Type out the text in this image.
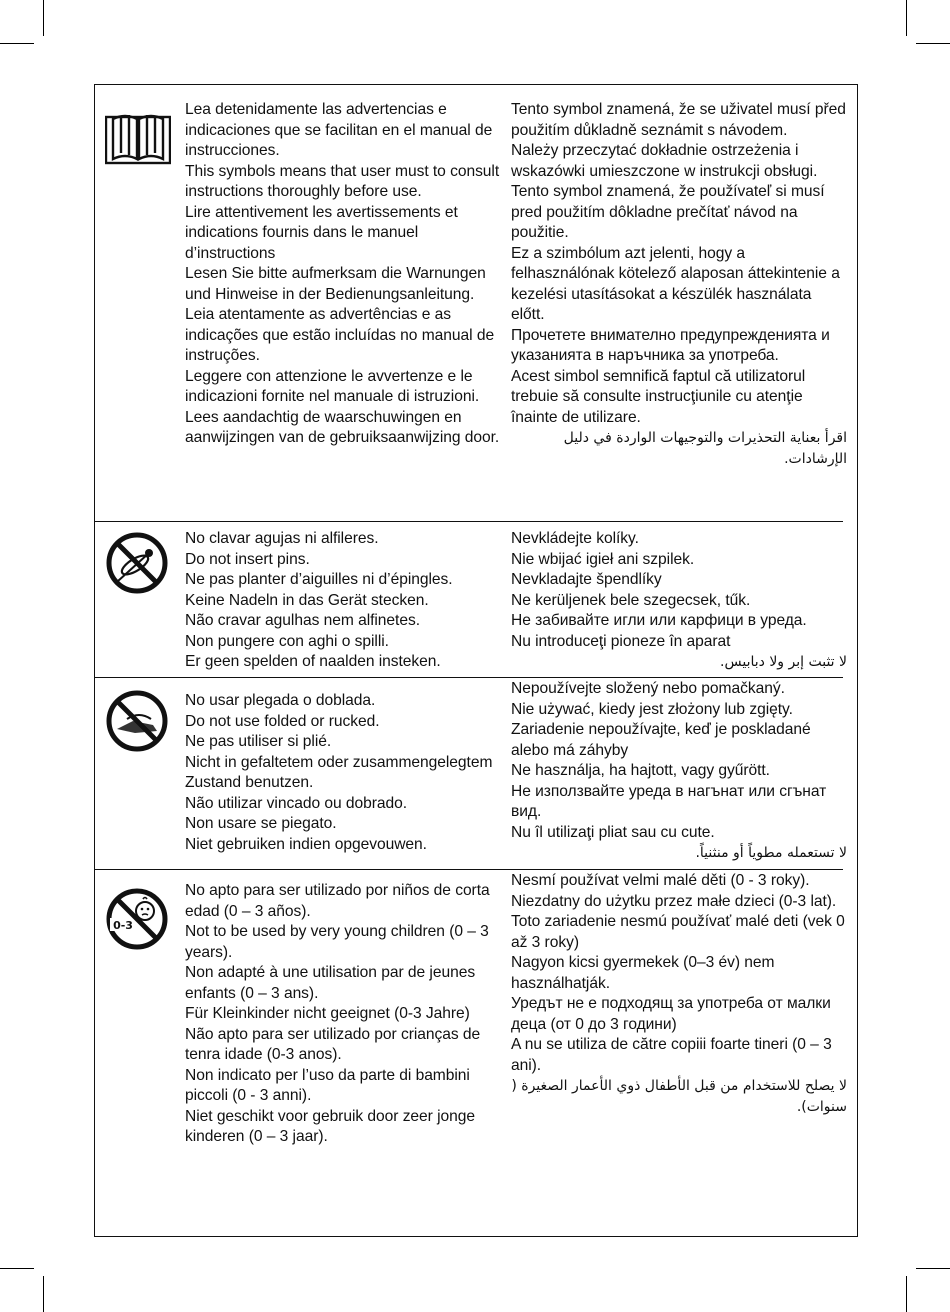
Lea detenidamente las advertencias e indicaciones que se facilitan en el manual de instrucciones.

This symbols means that user must to consult instructions thoroughly before use.

Lire attentivement les avertissements et indications fournis dans le manuel d’instructions

Lesen Sie bitte aufmerksam die Warnungen und Hinweise in der Bedienungsanleitung.

Leia atentamente as advertências e as indicações que estão incluídas no manual de instruções.

Leggere con attenzione le avvertenze e le indicazioni fornite nel manuale di istruzioni.

Lees aandachtig de waarschuwingen en aanwijzingen van de gebruiksaanwijzing door.

Tento symbol znamená, že se uživatel musí před použitím důkladně seznámit s návodem.

Należy przeczytać dokładnie ostrzeżenia i wskazówki umieszczone w instrukcji obsługi.

Tento symbol znamená, že používateľ si musí pred použitím dôkladne prečítať návod na použitie.

Ez a szimbólum azt jelenti, hogy a felhasználónak kötelező alaposan áttekintenie a kezelési utasításokat a készülék használata előtt.

Прочетете внимателно предупрежденията и указанията в наръчника за употреба.

Acest simbol semnifică faptul că utilizatorul trebuie să consulte instrucţiunile cu atenţie înainte de utilizare.

اقرأ بعناية التحذيرات والتوجيهات الواردة في دليل الإرشادات.

No clavar agujas ni alfileres.

Do not insert pins.

Ne pas planter d’aiguilles ni d’épingles.

Keine Nadeln in das Gerät stecken.

Não cravar agulhas nem alfinetes.

Non pungere con aghi o spilli.

Er geen spelden of naalden insteken.

Nevkládejte kolíky.

Nie wbijać igieł ani szpilek.

Nevkladajte špendlíky

Ne kerüljenek bele szegecsek, tűk.

Не забивайте игли или карфици в уреда.

Nu introduceţi pioneze în aparat

لا تثبت إبر ولا دبابيس.

No usar plegada o doblada.

Do not use folded or rucked.

Ne pas utiliser si plié.

Nicht in gefaltetem oder zusammengelegtem Zustand benutzen.

Não utilizar vincado ou dobrado.

Non usare se piegato.

Niet gebruiken indien opgevouwen.

Nepoužívejte složený nebo pomačkaný.

Nie używać, kiedy jest złożony lub zgięty.

Zariadenie nepoužívajte, keď je poskladané alebo má záhyby

Ne használja, ha hajtott, vagy gyűrött.

Не използвайте уреда в нагънат или сгънат вид.

Nu îl utilizaţi pliat sau cu cute.

لا تستعمله مطوياً أو منثنياً.

0-3

No apto para ser utilizado por niños de corta edad (0 – 3 años).

Not to be used by very young children (0 – 3 years).

Non adapté à une utilisation par de jeunes enfants (0 – 3 ans).

Für Kleinkinder nicht geeignet (0-3 Jahre)

Não apto para ser utilizado por crianças de tenra idade (0-3 anos).

Non indicato per l’uso da parte di bambini piccoli (0 - 3 anni).

Niet geschikt voor gebruik door zeer jonge kinderen (0 – 3 jaar).

Nesmí používat velmi malé děti (0 - 3 roky).

Niezdatny do użytku przez małe dzieci (0-3 lat).

Toto zariadenie nesmú používať malé deti (vek 0 až 3 roky)

Nagyon kicsi gyermekek (0–3 év) nem használhatják.

Уредът не е подходящ за употреба от малки деца (от 0 до 3 години)

A nu se utiliza de către copiii foarte tineri (0 – 3 ani).

لا يصلح للاستخدام من قبل الأطفال ذوي الأعمار الصغيرة ( سنوات).
